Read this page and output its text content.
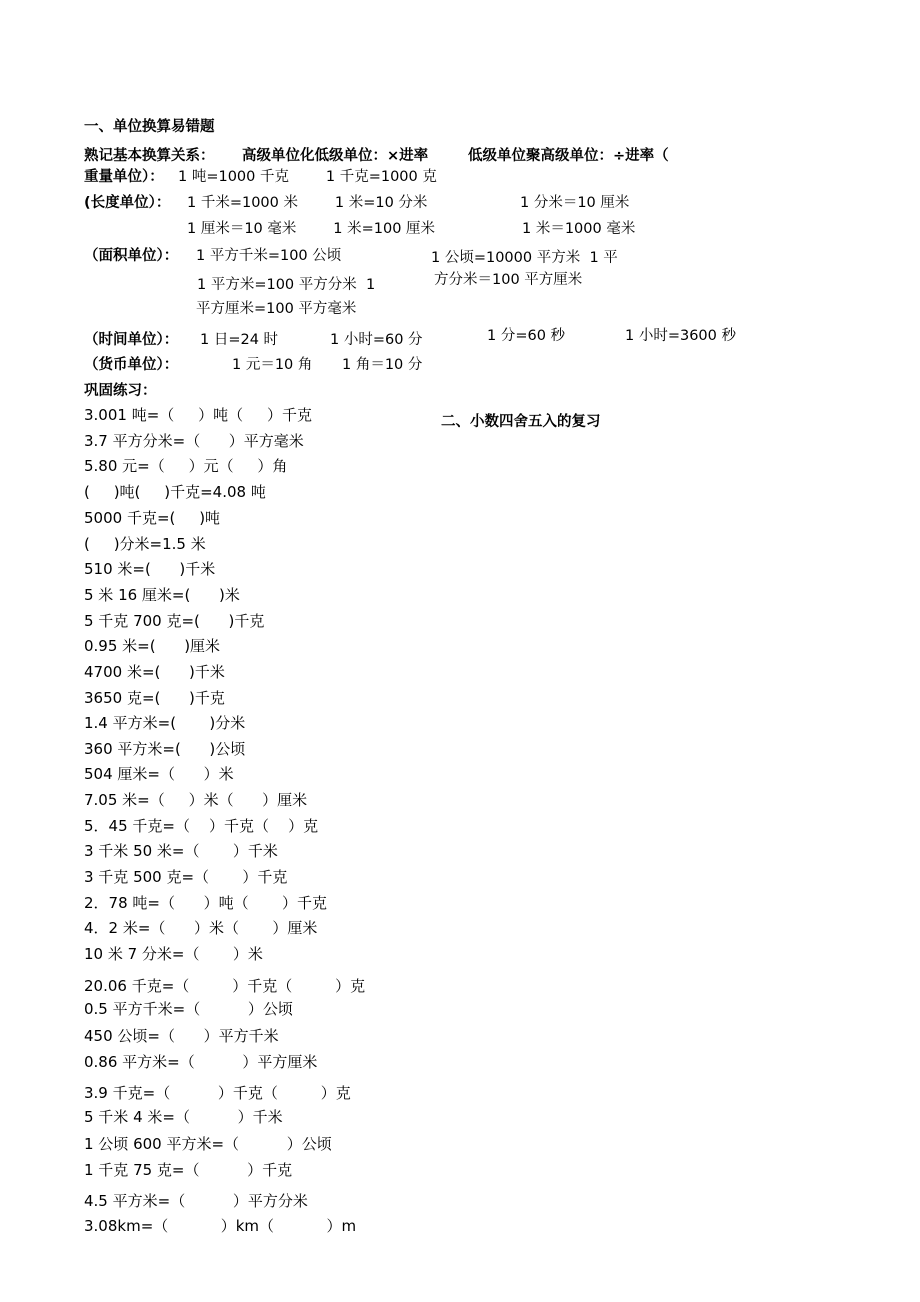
一、单位换算易错题
熟记基本换算关系： 高级单位化低级单位：×进率	低级单位聚高级单位：÷进率（
重量单位）： 1 吨=1000 千克        1 千克=1000 克
(长度单位）： 1 千米=1000 米        1 米=10 分米	1 分米＝10 厘米
1 厘米＝10 毫米        1 米=100 厘米	1 米＝1000 毫米
（面积单位）： 1 平方千米=100 公顷	1 公顷=10000 平方米  1 平
方分米＝100 平方厘米
1 平方米=100 平方分米  1
平方厘米=100 平方毫米
（时间单位）： 1 日=24 时	1 小时=60 分	1 分=60 秒	1 小时=3600 秒
（货币单位）：	1 元＝10 角 1 角＝10 分
巩固练习：
二、小数四舍五入的复习
3.001 吨=（     ）吨（     ）千克
3.7 平方分米=（      ）平方毫米
5.80 元=（     ）元（     ）角
(     )吨(     )千克=4.08 吨
5000 千克=(     )吨
(     )分米=1.5 米
510 米=(      )千米
5 米 16 厘米=(      )米
5 千克 700 克=(      )千克
0.95 米=(      )厘米
4700 米=(      )千米
3650 克=(      )千克
1.4 平方米=(       )分米
360 平方米=(      )公顷
504 厘米=（      ）米
7.05 米=（     ）米（      ）厘米
5．45 千克=（    ）千克（    ）克
3 千米 50 米=（       ）千米
3 千克 500 克=（       ）千克
2．78 吨=（      ）吨（       ）千克
4．2 米=（      ）米（       ）厘米
10 米 7 分米=（       ）米
20.06 千克=（         ）千克（         ）克
0.5 平方千米=（          ）公顷
450 公顷=（      ）平方千米
0.86 平方米=（          ）平方厘米
3.9 千克=（          ）千克（         ）克
5 千米 4 米=（          ）千米
1 公顷 600 平方米=（          ）公顷
1 千克 75 克=（          ）千克
4.5 平方米=（          ）平方分米
3.08km=（           ）km（           ）m
